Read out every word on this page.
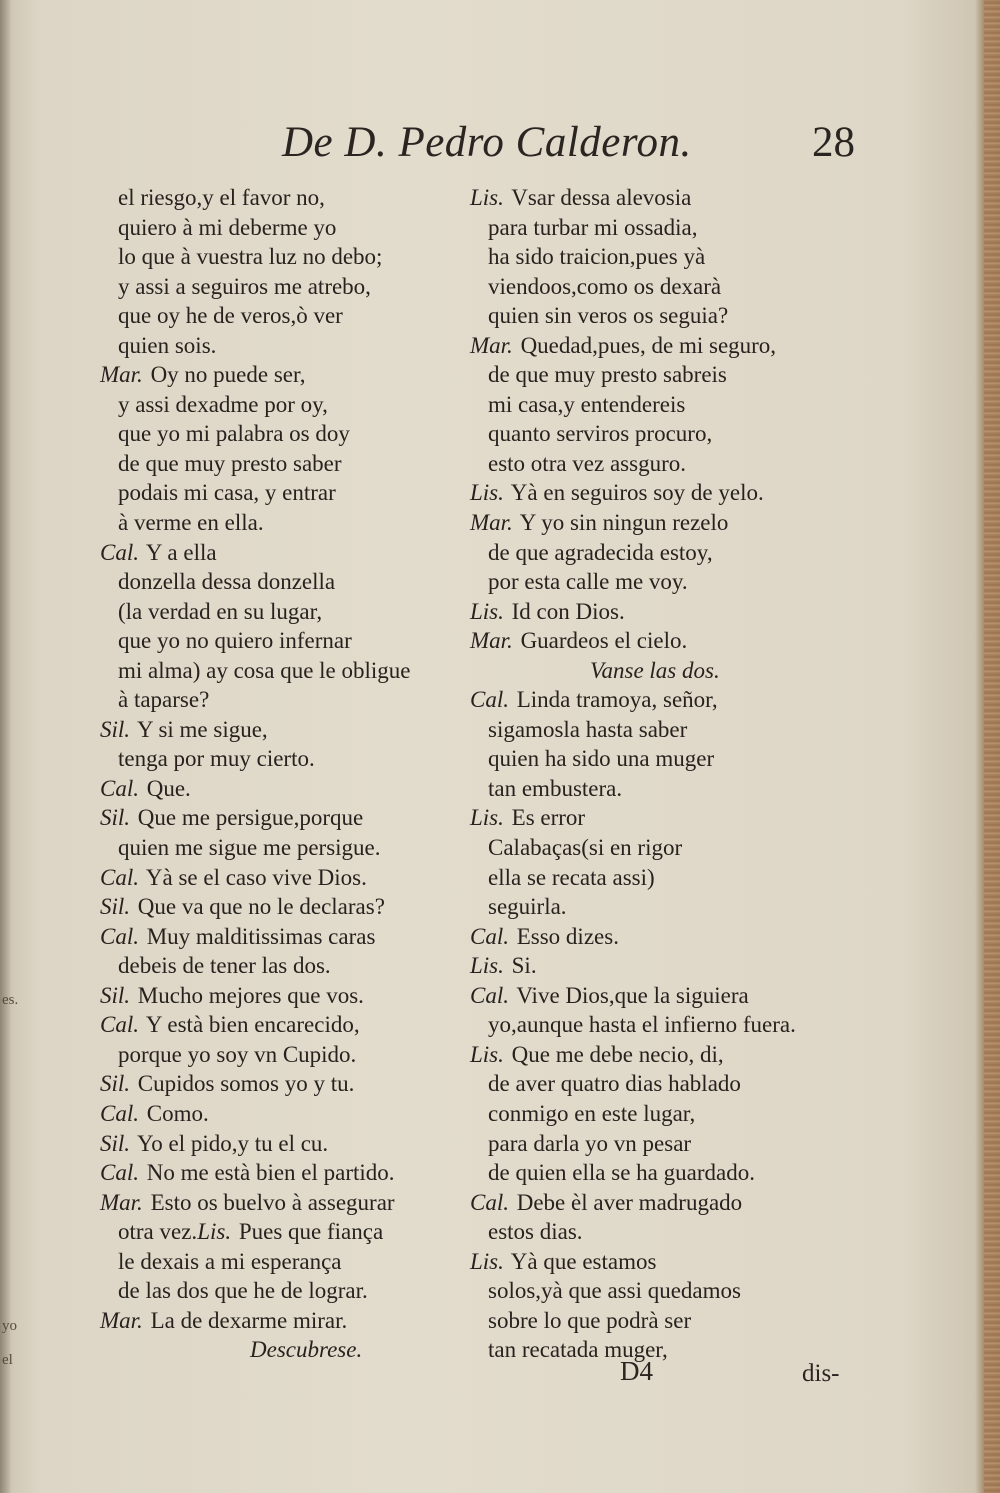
De D. Pedro Calderon.	28
es.
yo
el
el riesgo,y el favor no,
quiero à mi deberme yo
lo que à vuestra luz no debo;
y assi a seguiros me atrebo,
que oy he de veros,ò ver
quien sois.
Mar. Oy no puede ser,
y assi dexadme por oy,
que yo mi palabra os doy
de que muy presto saber
podais mi casa, y entrar
à verme en ella.
Cal. Y a ella
donzella dessa donzella
(la verdad en su lugar,
que yo no quiero infernar
mi alma) ay cosa que le obligue
à taparse?
Sil. Y si me sigue,
tenga por muy cierto.
Cal. Que.
Sil. Que me persigue,porque
quien me sigue me persigue.
Cal. Yà se el caso vive Dios.
Sil. Que va que no le declaras?
Cal. Muy malditissimas caras
debeis de tener las dos.
Sil. Mucho mejores que vos.
Cal. Y està bien encarecido,
porque yo soy vn Cupido.
Sil. Cupidos somos yo y tu.
Cal. Como.
Sil. Yo el pido,y tu el cu.
Cal. No me està bien el partido.
Mar. Esto os buelvo à assegurar
otra vez.Lis. Pues que fiança
le dexais a mi esperança
de las dos que he de lograr.
Mar. La de dexarme mirar.
Descubrese.
Lis. Vsar dessa alevosia
para turbar mi ossadia,
ha sido traicion,pues yà
viendoos,como os dexarà
quien sin veros os seguia?
Mar. Quedad,pues, de mi seguro,
de que muy presto sabreis
mi casa,y entendereis
quanto serviros procuro,
esto otra vez assguro.
Lis. Yà en seguiros soy de yelo.
Mar. Y yo sin ningun rezelo
de que agradecida estoy,
por esta calle me voy.
Lis. Id con Dios.
Mar. Guardeos el cielo.
Vanse las dos.
Cal. Linda tramoya, señor,
sigamosla hasta saber
quien ha sido una muger
tan embustera.
Lis. Es error
Calabaças(si en rigor
ella se recata assi)
seguirla.
Cal. Esso dizes.
Lis. Si.
Cal. Vive Dios,que la siguiera
yo,aunque hasta el infierno fuera.
Lis. Que me debe necio, di,
de aver quatro dias hablado
conmigo en este lugar,
para darla yo vn pesar
de quien ella se ha guardado.
Cal. Debe èl aver madrugado
estos dias.
Lis. Yà que estamos
solos,yà que assi quedamos
sobre lo que podrà ser
tan recatada muger,
D4	dis-
